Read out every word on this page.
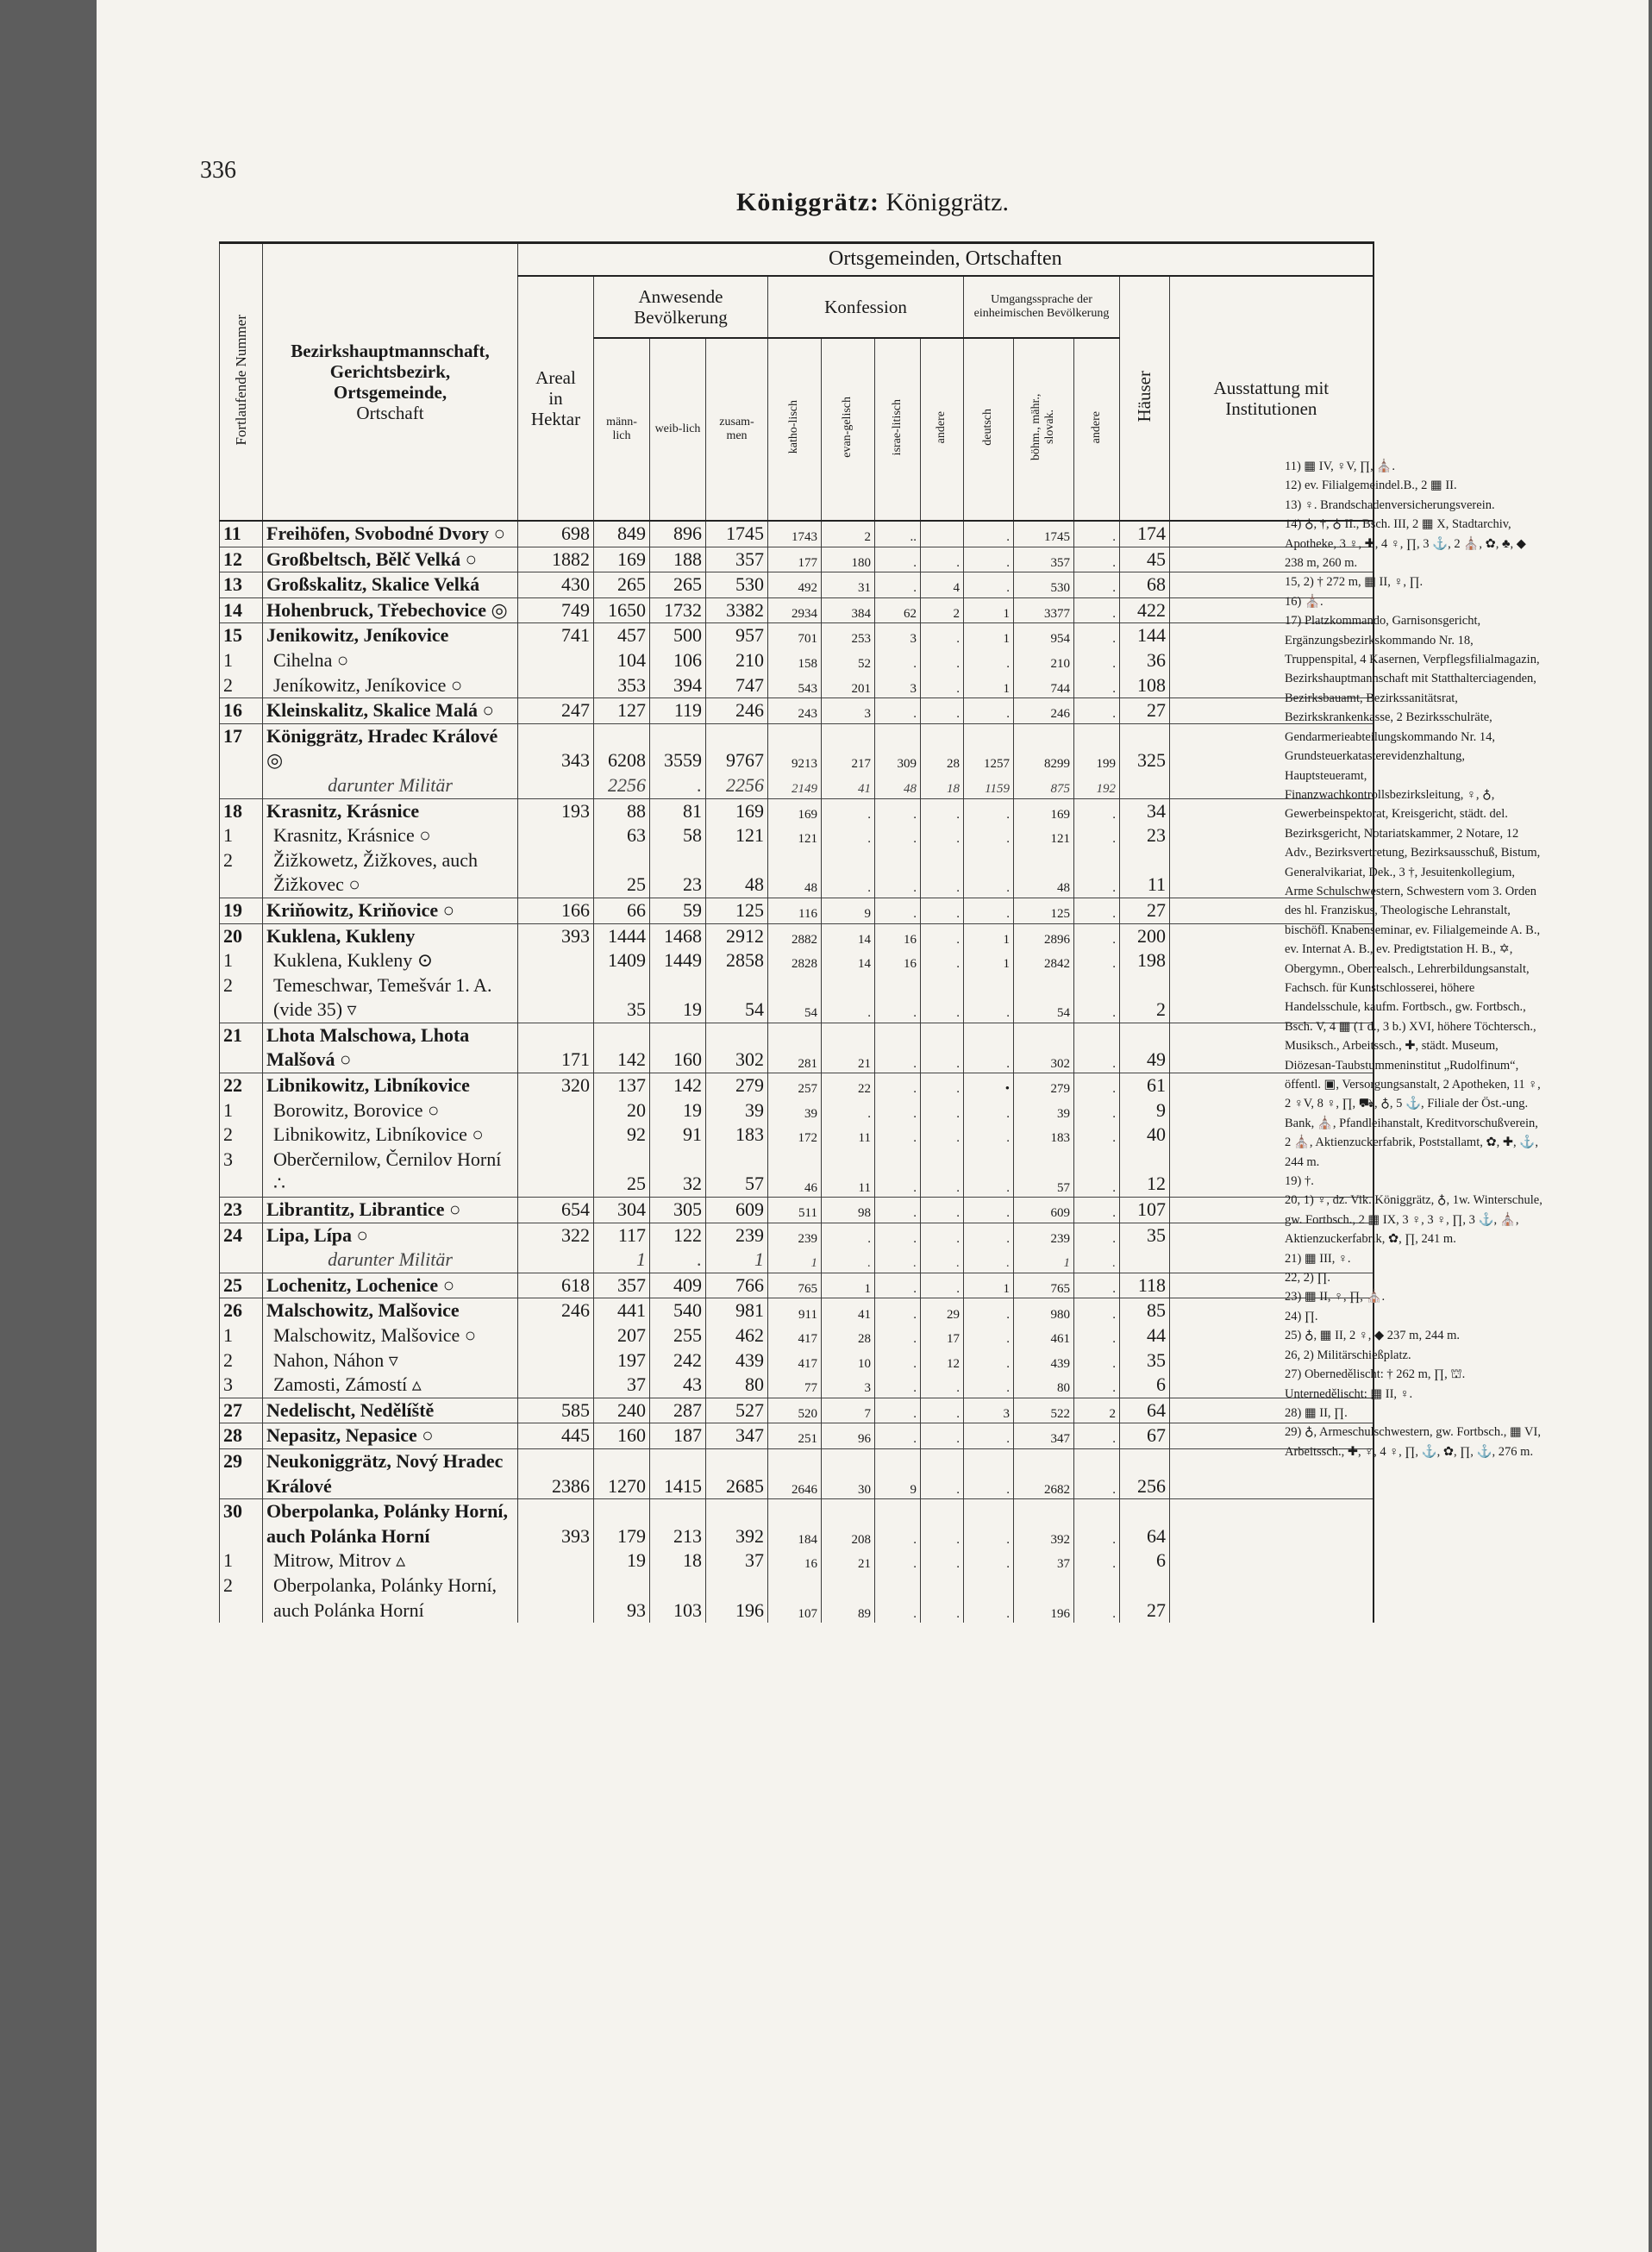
336
Königgrätz: Königgrätz.
Fortlaufende Nummer	Bezirkshauptmannschaft,
Gerichtsbezirk,
Ortsgemeinde,
Ortschaft	Ortsgemeinden, Ortschaften												

		Areal
in
Hektar	Anwesende Bevölkerung			Konfession				Umgangssprache der einheimischen Bevölkerung			Häuser	Ausstattung mit Institutionen
			männ-lich	weib-lich	zusam-men	katho-lisch	evan-gelisch	israe-litisch	andere	deutsch	böhm., mähr., slovak.	andere		
11	Freihöfen, Svobodné Dvory ○	698	849	896	1745	1743	2	..		.	1745	.	174	
12	Großbeltsch, Bělč Velká ○	1882	169	188	357	177	180	.	.	.	357	.	45	
13	Großskalitz, Skalice Velká	430	265	265	530	492	31	.	4	.	530	.	68	
14	Hohenbruck, Třebechovice ◎	749	1650	1732	3382	2934	384	62	2	1	3377	.	422	
15	Jenikowitz, Jeníkovice	741	457	500	957	701	253	3	.	1	954	.	144	
1	Cihelna ○		104	106	210	158	52	.	.	.	210	.	36	
2	Jeníkowitz, Jeníkovice ○		353	394	747	543	201	3	.	1	744	.	108	
16	Kleinskalitz, Skalice Malá ○	247	127	119	246	243	3	.	.	.	246	.	27	
17	Königgrätz, Hradec Králové ◎	343	6208	3559	9767	9213	217	309	28	1257	8299	199	325	
	darunter Militär		2256	.	2256	2149	41	48	18	1159	875	192		
18	Krasnitz, Krásnice	193	88	81	169	169	.	.	.	.	169	.	34	
1	Krasnitz, Krásnice ○		63	58	121	121	.	.	.	.	121	.	23	
2	Žižkowetz, Žižkoves, auch Žižkovec ○		25	23	48	48	.	.	.	.	48	.	11	
19	Kriňowitz, Kriňovice ○	166	66	59	125	116	9	.	.	.	125	.	27	
20	Kuklena, Kukleny	393	1444	1468	2912	2882	14	16	.	1	2896	.	200	
1	Kuklena, Kukleny ⊙		1409	1449	2858	2828	14	16	.	1	2842	.	198	
2	Temeschwar, Temešvár 1. A. (vide 35) ▿		35	19	54	54	.	.	.	.	54	.	2	
21	Lhota Malschowa, Lhota Malšová ○	171	142	160	302	281	21	.	.	.	302	.	49	
22	Libnikowitz, Libníkovice	320	137	142	279	257	22	.	.	•	279	.	61	
1	Borowitz, Borovice ○		20	19	39	39	.	.	.	.	39	.	9	
2	Libnikowitz, Libníkovice ○		92	91	183	172	11	.	.	.	183	.	40	
3	Oberčernilow, Černilov Horní ∴		25	32	57	46	11	.	.	.	57	.	12	
23	Librantitz, Librantice ○	654	304	305	609	511	98	.	.	.	609	.	107	
24	Lipa, Lípa ○	322	117	122	239	239	.	.	.	.	239	.	35	
	darunter Militär		1	.	1	1	.	.	.	.	1	.		
25	Lochenitz, Lochenice ○	618	357	409	766	765	1	.	.	1	765	.	118	
26	Malschowitz, Malšovice	246	441	540	981	911	41	.	29	.	980	.	85	
1	Malschowitz, Malšovice ○		207	255	462	417	28	.	17	.	461	.	44	
2	Nahon, Náhon ▿		197	242	439	417	10	.	12	.	439	.	35	
3	Zamosti, Zámostí ▵		37	43	80	77	3	.	.	.	80	.	6	
27	Nedelischt, Nedělíště	585	240	287	527	520	7	.	.	3	522	2	64	
28	Nepasitz, Nepasice ○	445	160	187	347	251	96	.	.	.	347	.	67	
29	Neukoniggrätz, Nový Hradec Králové	2386	1270	1415	2685	2646	30	9	.	.	2682	.	256	
30	Oberpolanka, Polánky Horní, auch Polánka Horní	393	179	213	392	184	208	.	.	.	392	.	64	
1	Mitrow, Mitrov ▵		19	18	37	16	21	.	.	.	37	.	6	
2	Oberpolanka, Polánky Horní, auch Polánka Horní		93	103	196	107	89	.	.	.	196	.	27	
11) ▦ IV, ♀V, ∏, ⛪.
12) ev. Filialgemeindel.B., 2 ▦ II.
13) ♀. Brandschadenversicherungsverein.
14) ♁, †, ♁ II., Bsch. III, 2 ▦ X, Stadtarchiv, Apotheke, 3 ♀, ✚, 4 ♀, ∏, 3 ⚓, 2 ⛪, ✿, ♣, ◆ 238 m, 260 m.
15, 2) † 272 m, ▦ II, ♀, ∏.
16) ⛪.
17) Platzkommando, Garnisonsgericht, Ergänzungsbezirkskommando Nr. 18, Truppenspital, 4 Kasernen, Verpflegsfilialmagazin, Bezirkshauptmannschaft mit Statthalterciagenden, Bezirksbauamt, Bezirkssanitätsrat, Bezirkskrankenkasse, 2 Bezirksschulräte, Gendarmerieabteilungskommando Nr. 14, Grundsteuerkatasterevidenzhaltung, Hauptsteueramt, Finanzwachkontrollsbezirksleitung, ♀, ♁, Gewerbeinspektorat, Kreisgericht, städt. del. Bezirksgericht, Notariatskammer, 2 Notare, 12 Adv., Bezirksvertretung, Bezirksausschuß, Bistum, Generalvikariat, Dek., 3 †, Jesuitenkollegium, Arme Schulschwestern, Schwestern vom 3. Orden des hl. Franziskus, Theologische Lehranstalt, bischöfl. Knabenseminar, ev. Filialgemeinde A. B., ev. Internat A. B., ev. Predigtstation H. B., ✡, Obergymn., Oberrealsch., Lehrerbildungsanstalt, Fachsch. für Kunstschlosserei, höhere Handelsschule, kaufm. Fortbsch., gw. Fortbsch., Bsch. V, 4 ▦ (1 d., 3 b.) XVI, höhere Töchtersch., Musiksch., Arbeitssch., ✚, städt. Museum, Diözesan-Taubstummeninstitut „Rudolfinum“, öffentl. ▣, Versorgungsanstalt, 2 Apotheken, 11 ♀, 2 ♀V, 8 ♀, ∏, ⛟, ♁, 5 ⚓, Filiale der Öst.-ung. Bank, ⛪, Pfandleihanstalt, Kreditvorschußverein, 2 ⛪, Aktienzuckerfabrik, Poststallamt, ✿, ✚, ⚓, 244 m.
19) †.
20, 1) ♀, dz. Vik. Königgrätz, ♁, 1w. Winterschule, gw. Fortbsch., 2 ▦ IX, 3 ♀, 3 ♀, ∏, 3 ⚓, ⛪, Aktienzuckerfabrik, ✿, ∏, 241 m.
21) ▦ III, ♀.
22, 2) ∏.
23) ▦ II, ♀, ∏, ⛪.
24) ∏.
25) ♁, ▦ II, 2 ♀, ◆ 237 m, 244 m.
26, 2) Militärschießplatz.
27) Obernedělischt: † 262 m, ∏, ⛫. Unternedělischt: ▦ II, ♀.
28) ▦ II, ∏.
29) ♁, Armeschulschwestern, gw. Fortbsch., ▦ VI, Arbeitssch., ✚, ♀, 4 ♀, ∏, ⚓, ✿, ∏, ⚓, 276 m.
